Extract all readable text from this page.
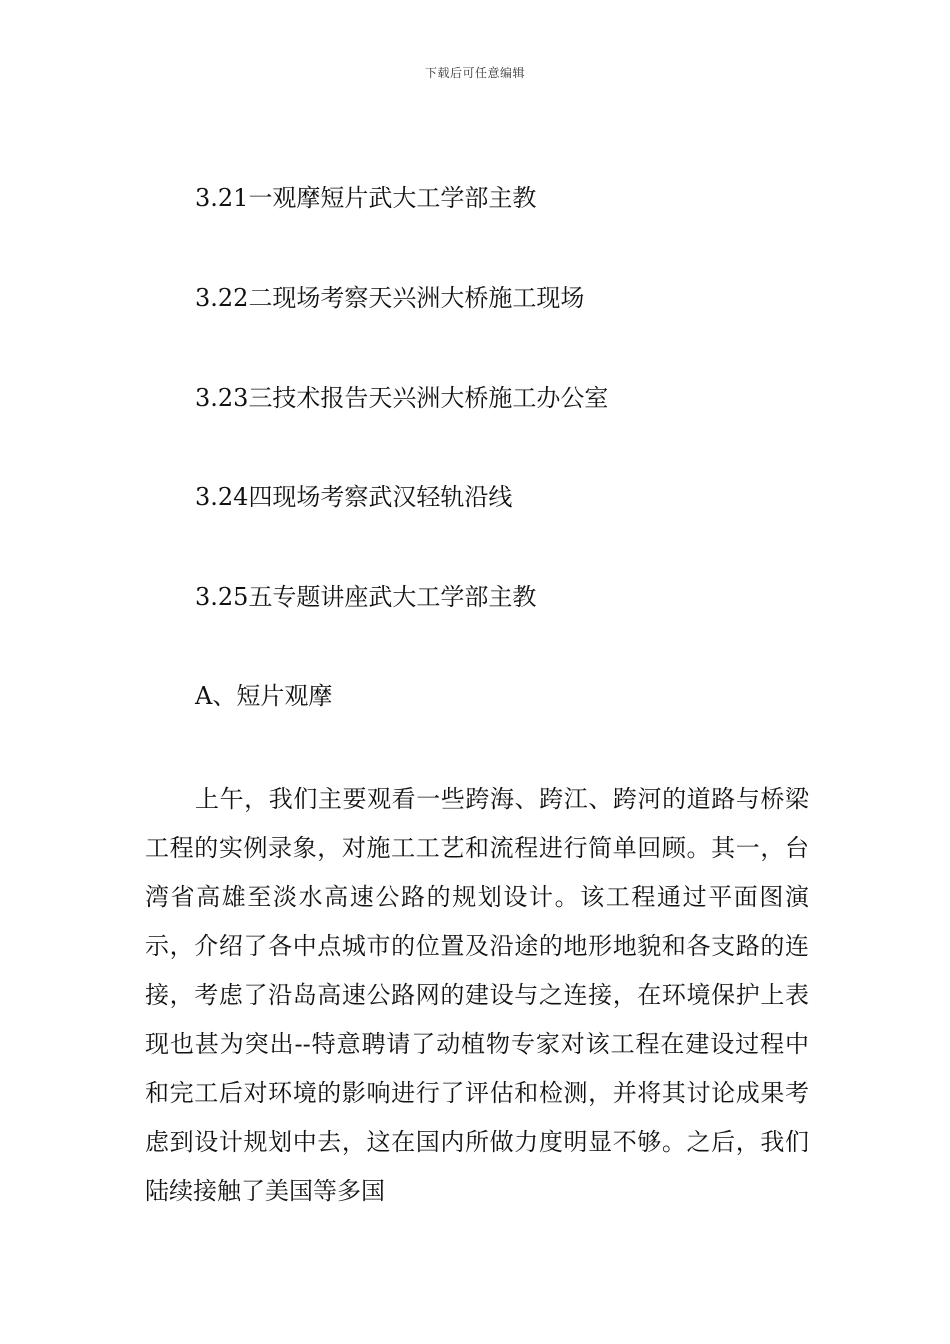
下载后可任意编辑
3.21一观摩短片武大工学部主教
3.22二现场考察天兴洲大桥施工现场
3.23三技术报告天兴洲大桥施工办公室
3.24四现场考察武汉轻轨沿线
3.25五专题讲座武大工学部主教
A、短片观摩

上午，我们主要观看一些跨海、跨江、跨河的道路与桥梁工程的实例录象，对施工工艺和流程进行简单回顾。其一，台湾省高雄至淡水高速公路的规划设计。该工程通过平面图演示，介绍了各中点城市的位置及沿途的地形地貌和各支路的连接，考虑了沿岛高速公路网的建设与之连接，在环境保护上表现也甚为突出--特意聘请了动植物专家对该工程在建设过程中和完工后对环境的影响进行了评估和检测，并将其讨论成果考虑到设计规划中去，这在国内所做力度明显不够。之后，我们陆续接触了美国等多国
